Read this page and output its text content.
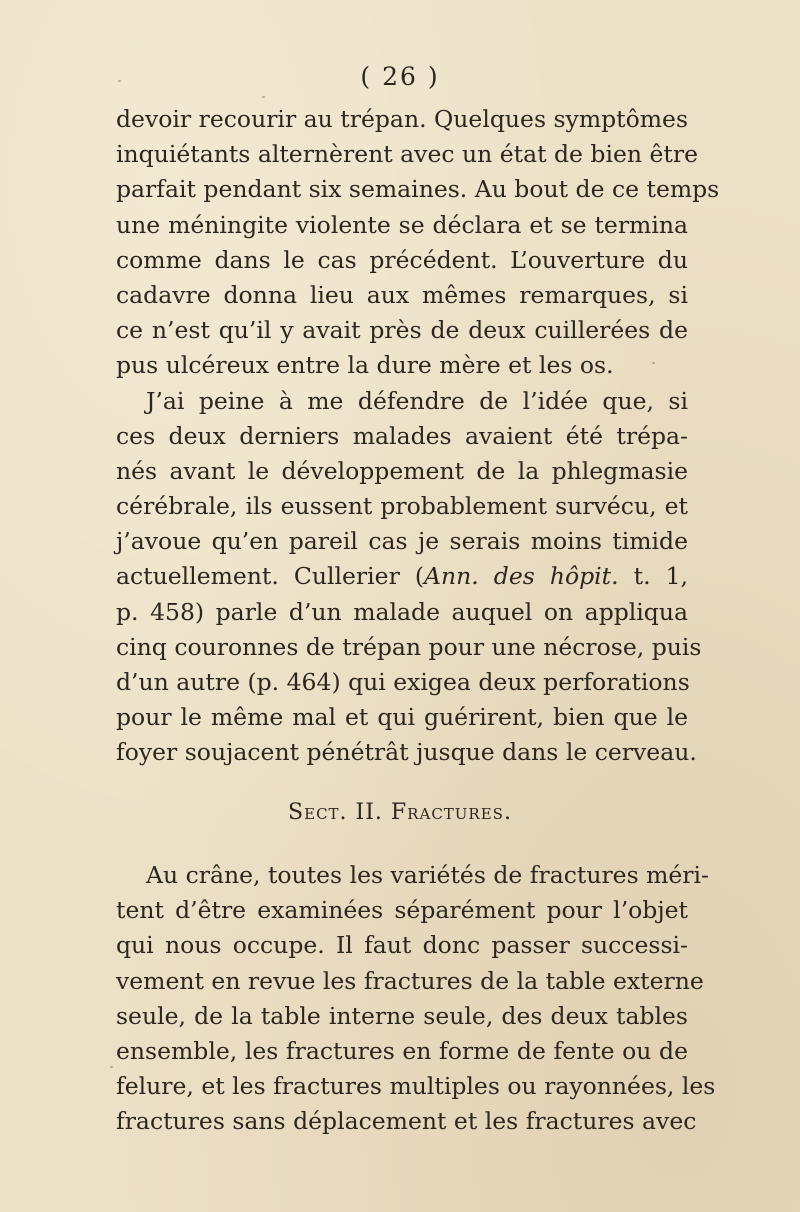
( 26 )
devoir recourir au trépan. Quelques symptômes
inquiétants alternèrent avec un état de bien être
parfait pendant six semaines. Au bout de ce temps
une méningite violente se déclara et se termina
comme dans le cas précédent. L’ouverture du
cadavre donna lieu aux mêmes remarques, si
ce n’est qu’il y avait près de deux cuillerées de
pus ulcéreux entre la dure mère et les os.
J’ai peine à me défendre de l’idée que, si
ces deux derniers malades avaient été trépa-
nés avant le développement de la phlegmasie
cérébrale, ils eussent probablement survécu, et
j’avoue qu’en pareil cas je serais moins timide
actuellement. Cullerier (Ann. des hôpit. t. 1,
p. 458) parle d’un malade auquel on appliqua
cinq couronnes de trépan pour une nécrose, puis
d’un autre (p. 464) qui exigea deux perforations
pour le même mal et qui guérirent, bien que le
foyer soujacent pénétrât jusque dans le cerveau.
Sect. II. Fractures.
Au crâne, toutes les variétés de fractures méri-
tent d’être examinées séparément pour l’objet
qui nous occupe. Il faut donc passer successi-
vement en revue les fractures de la table externe
seule, de la table interne seule, des deux tables
ensemble, les fractures en forme de fente ou de
felure, et les fractures multiples ou rayonnées, les
fractures sans déplacement et les fractures avec
